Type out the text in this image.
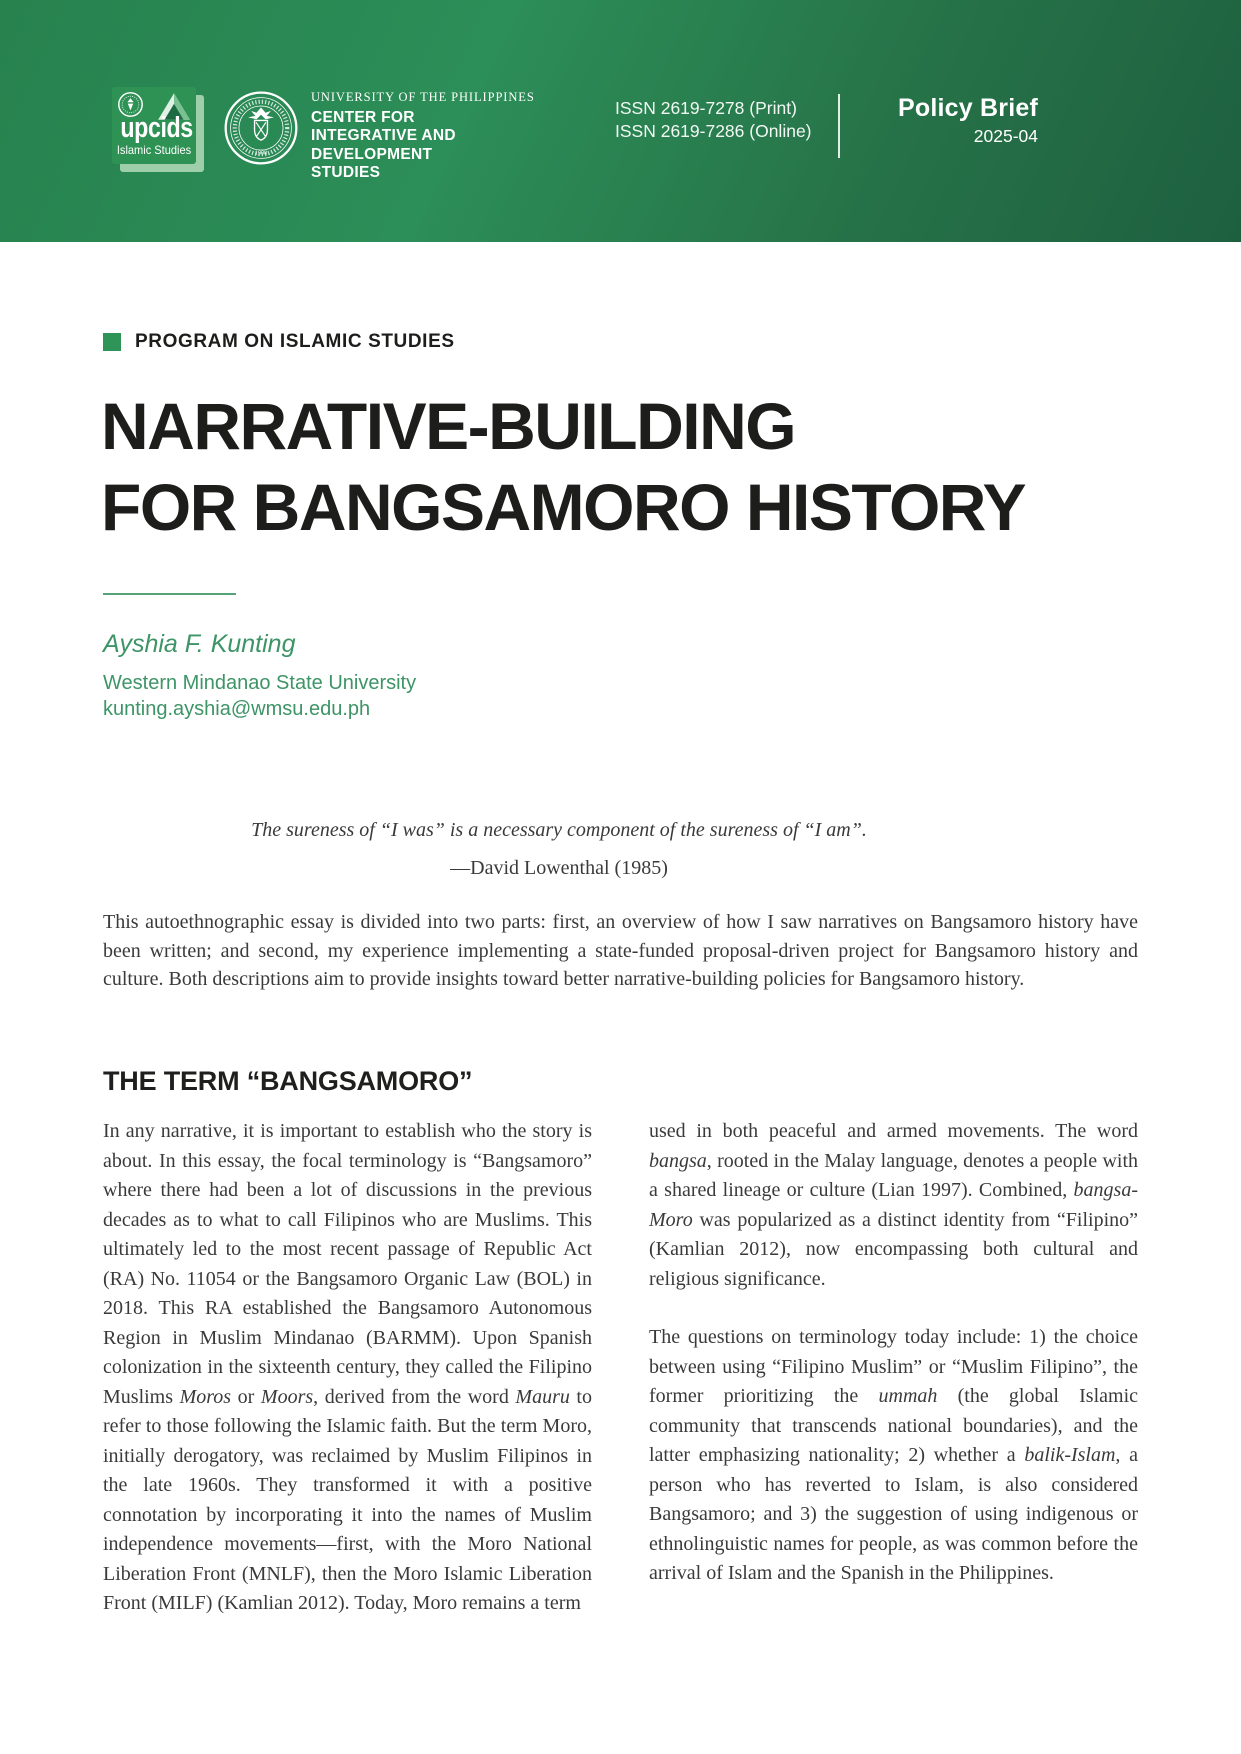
upcids
Islamic Studies	1908
UNIVERSITY OF THE PHILIPPINES
CENTER FOR
INTEGRATIVE AND
DEVELOPMENT
STUDIES
ISSN 2619-7278 (Print)
ISSN 2619-7286 (Online)
Policy Brief
2025-04
PROGRAM ON ISLAMIC STUDIES
NARRATIVE-BUILDING
FOR BANGSAMORO HISTORY
Ayshia F. Kunting
Western Mindanao State University
kunting.ayshia@wmsu.edu.ph
The sureness of “I was” is a necessary component of the sureness of “I am”.
—David Lowenthal (1985)

This autoethnographic essay is divided into two parts: first, an overview of how I saw narratives on Bangsamoro history have been written; and second, my experience implementing a state-funded proposal-driven project for Bangsamoro history and culture. Both descriptions aim to provide insights toward better narrative-building policies for Bangsamoro history.

THE TERM “BANGSAMORO”

In any narrative, it is important to establish who the story is about. In this essay, the focal terminology is “Bangsamoro” where there had been a lot of discussions in the previous decades as to what to call Filipinos who are Muslims. This ultimately led to the most recent passage of Republic Act (RA) No. 11054 or the Bangsamoro Organic Law (BOL) in 2018. This RA established the Bangsamoro Autonomous Region in Muslim Mindanao (BARMM). Upon Spanish colonization in the sixteenth century, they called the Filipino Muslims Moros or Moors, derived from the word Mauru to refer to those following the Islamic faith. But the term Moro, initially derogatory, was reclaimed by Muslim Filipinos in the late 1960s. They transformed it with a positive connotation by incorporating it into the names of Muslim independence movements—first, with the Moro National Liberation Front (MNLF), then the Moro Islamic Liberation Front (MILF) (Kamlian 2012). Today, Moro remains a term

used in both peaceful and armed movements. The word bangsa, rooted in the Malay language, denotes a people with a shared lineage or culture (Lian 1997). Combined, bangsa-Moro was popularized as a distinct identity from “Filipino” (Kamlian 2012), now encompassing both cultural and religious significance.

The questions on terminology today include: 1) the choice between using “Filipino Muslim” or “Muslim Filipino”, the former prioritizing the ummah (the global Islamic community that transcends national boundaries), and the latter emphasizing nationality; 2) whether a balik-Islam, a person who has reverted to Islam, is also considered Bangsamoro; and 3) the suggestion of using indigenous or ethnolinguistic names for people, as was common before the arrival of Islam and the Spanish in the Philippines.
